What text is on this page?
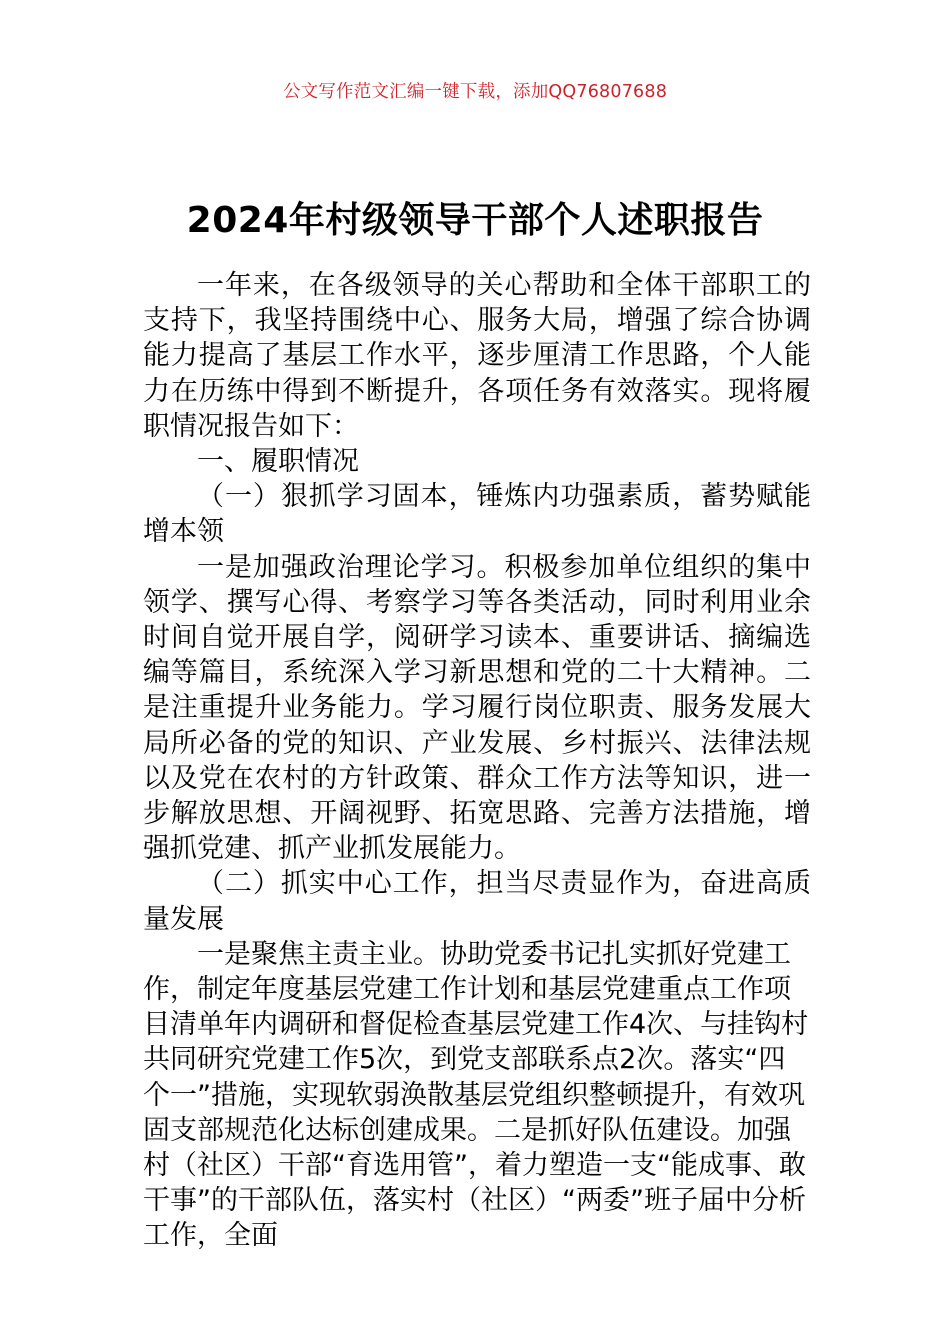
公文写作范文汇编一键下载，添加QQ76807688
2024年村级领导干部个人述职报告

一年来，在各级领导的关心帮助和全体干部职工的支持下，我坚持围绕中心、服务大局，增强了综合协调能力提高了基层工作水平，逐步厘清工作思路，个人能力在历练中得到不断提升，各项任务有效落实。现将履职情况报告如下：

一、履职情况

（一）狠抓学习固本，锤炼内功强素质，蓄势赋能增本领

一是加强政治理论学习。积极参加单位组织的集中领学、撰写心得、考察学习等各类活动，同时利用业余时间自觉开展自学，阅研学习读本、重要讲话、摘编选编等篇目，系统深入学习新思想和党的二十大精神。二是注重提升业务能力。学习履行岗位职责、服务发展大局所必备的党的知识、产业发展、乡村振兴、法律法规以及党在农村的方针政策、群众工作方法等知识，进一步解放思想、开阔视野、拓宽思路、完善方法措施，增强抓党建、抓产业抓发展能力。

（二）抓实中心工作，担当尽责显作为，奋进高质量发展

一是聚焦主责主业。协助党委书记扎实抓好党建工作，制定年度基层党建工作计划和基层党建重点工作项目清单年内调研和督促检查基层党建工作4次、与挂钩村共同研究党建工作5次，到党支部联系点2次。落实“四个一”措施，实现软弱涣散基层党组织整顿提升，有效巩固支部规范化达标创建成果。二是抓好队伍建设。加强村（社区）干部“育选用管”，着力塑造一支“能成事、敢干事”的干部队伍，落实村（社区）“两委”班子届中分析工作，全面
